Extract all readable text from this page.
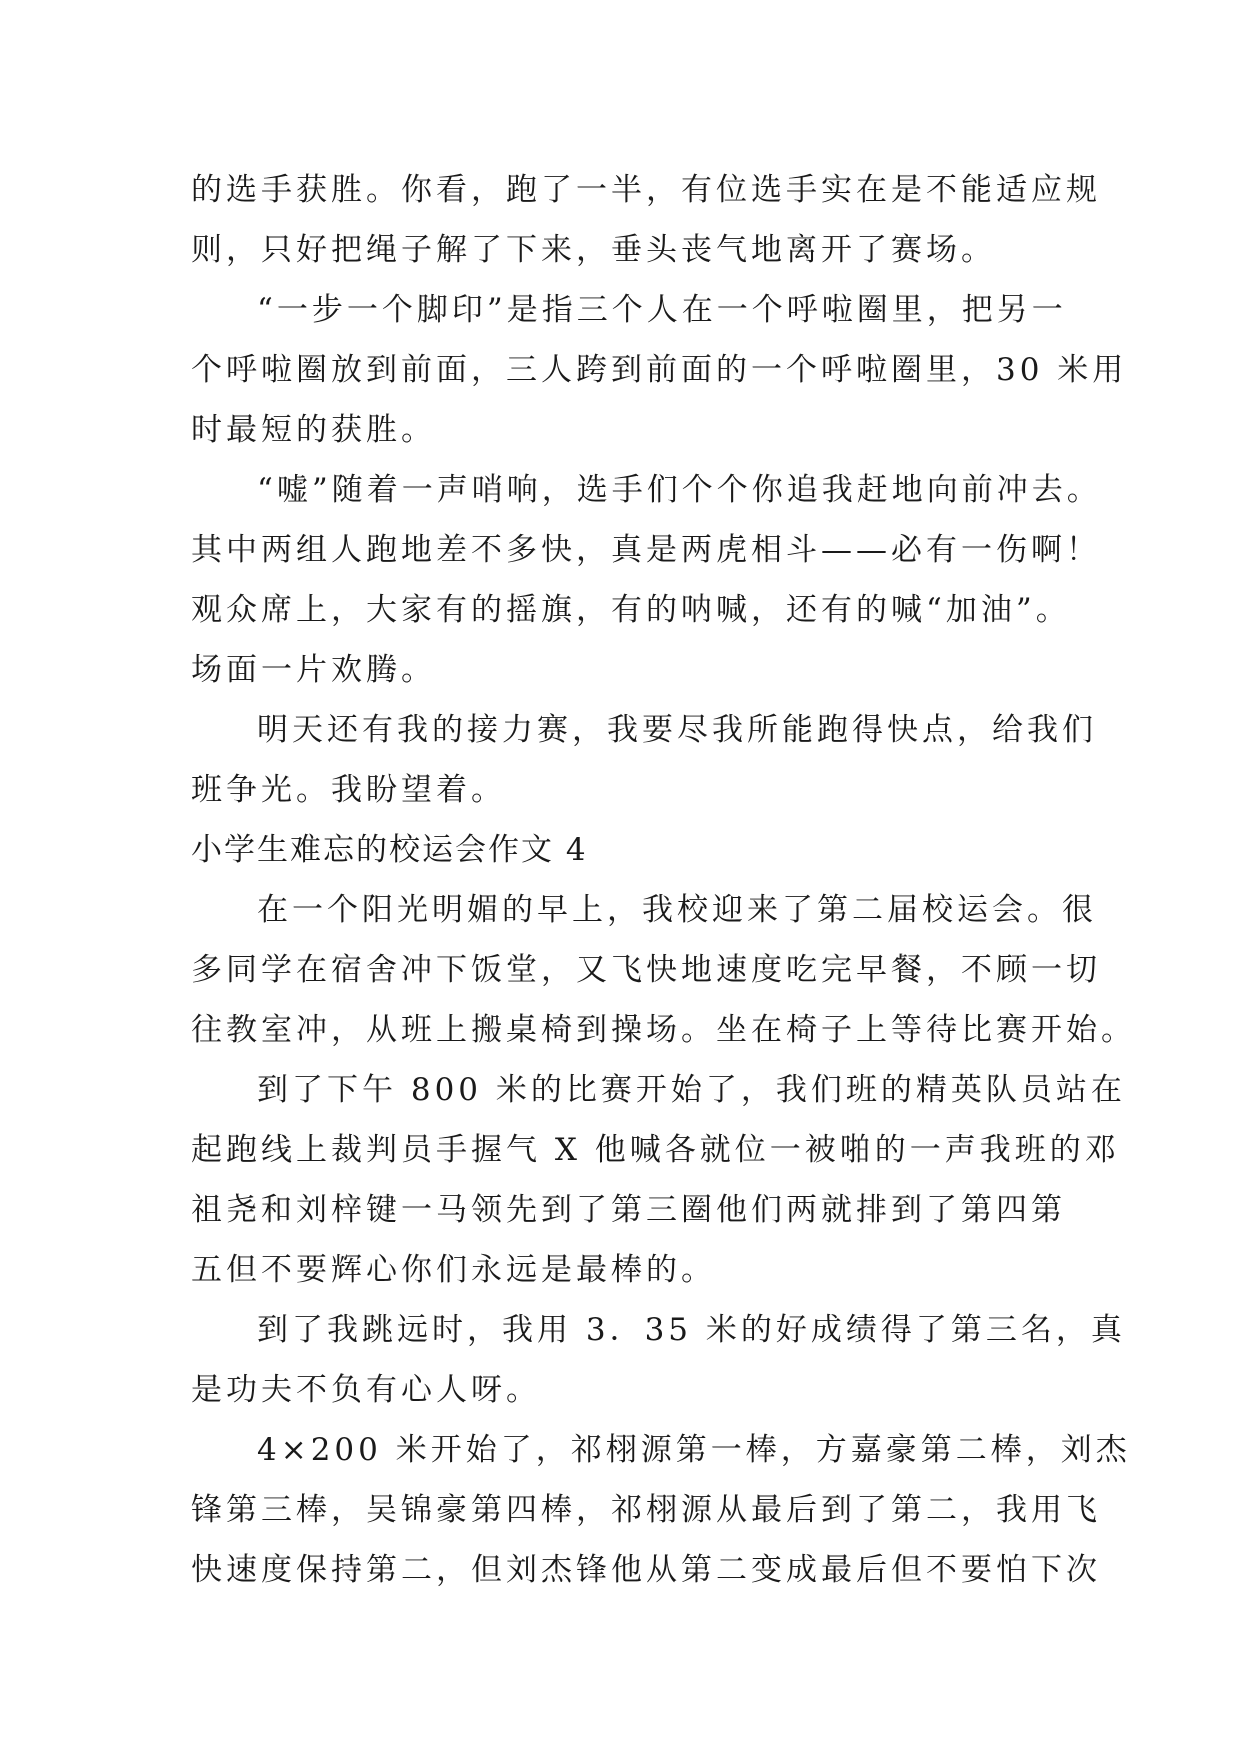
的选手获胜。你看，跑了一半，有位选手实在是不能适应规
则，只好把绳子解了下来，垂头丧气地离开了赛场。
“一步一个脚印”是指三个人在一个呼啦圈里，把另一
个呼啦圈放到前面，三人跨到前面的一个呼啦圈里，30 米用
时最短的获胜。
“嘘”随着一声哨响，选手们个个你追我赶地向前冲去。
其中两组人跑地差不多快，真是两虎相斗——必有一伤啊！
观众席上，大家有的摇旗，有的呐喊，还有的喊“加油”。
场面一片欢腾。
明天还有我的接力赛，我要尽我所能跑得快点，给我们
班争光。我盼望着。
小学生难忘的校运会作文 4
在一个阳光明媚的早上，我校迎来了第二届校运会。很
多同学在宿舍冲下饭堂，又飞快地速度吃完早餐，不顾一切
往教室冲，从班上搬桌椅到操场。坐在椅子上等待比赛开始。
到了下午 800 米的比赛开始了，我们班的精英队员站在
起跑线上裁判员手握气 X 他喊各就位一被啪的一声我班的邓
祖尧和刘梓键一马领先到了第三圈他们两就排到了第四第
五但不要辉心你们永远是最棒的。
到了我跳远时，我用 3．35 米的好成绩得了第三名，真
是功夫不负有心人呀。
4×200 米开始了，祁栩源第一棒，方嘉豪第二棒，刘杰
锋第三棒，吴锦豪第四棒，祁栩源从最后到了第二，我用飞
快速度保持第二，但刘杰锋他从第二变成最后但不要怕下次
